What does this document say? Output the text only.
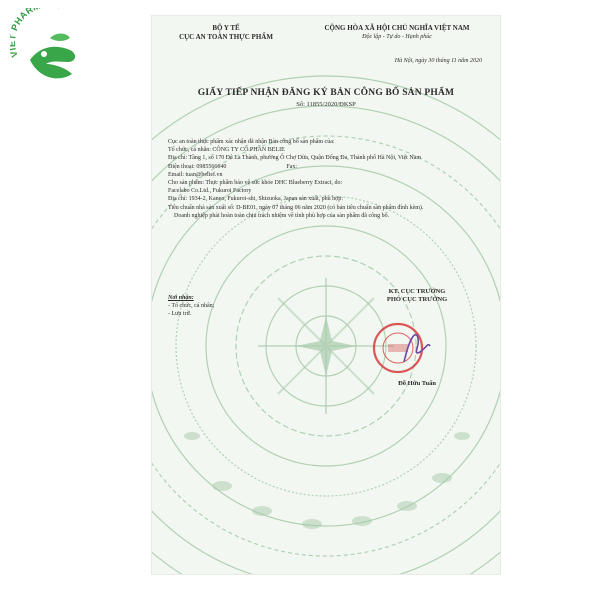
PHAR
BỘ Y TẾ
CỤC AN TOÀN THỰC PHẨM
CỘNG HÒA XÃ HỘI CHỦ NGHĨA VIỆT NAM
Độc lập - Tự do - Hạnh phúc
Hà Nội, ngày 30 tháng 11 năm 2020
GIẤY TIẾP NHẬN ĐĂNG KÝ BẢN CÔNG BỐ SẢN PHẨM
Số: 11855/2020/ĐKSP

Cục an toàn thực phẩm xác nhận đã nhận Bản công bố sản phẩm của:

Tổ chức, cá nhân: CÔNG TY CỔ PHẦN BELIE

Địa chỉ: Tầng 1, số 170 Đê La Thành, phường Ô Chợ Dừa, Quận Đống Đa, Thành phố Hà Nội, Việt Nam

Điện thoại: 0985566640                                        Fax:

Email: tuan@belief.vn

Cho sản phẩm: Thực phẩm bảo vệ sức khỏe DHC Blueberry Extract, do:

Facelabo Co.Ltd., Fukuroi Factory

Địa chỉ: 1934-2, Kaneo, Fukuroi-shi, Shizuoka, Japan sản xuất, phù hợp:

Tiêu chuẩn nhà sản xuất số: D-BE01, ngày 07 tháng 06 năm 2020 (có bản tiêu chuẩn sản phẩm đính kèm).

Doanh nghiệp phải hoàn toàn chịu trách nhiệm về tính phù hợp của sản phẩm đã công bố.

Nơi nhận:
- Tổ chức, cá nhân;
- Lưu trữ.
KT. CỤC TRƯỞNG
PHÓ CỤC TRƯỞNG
Đỗ Hữu Tuấn
